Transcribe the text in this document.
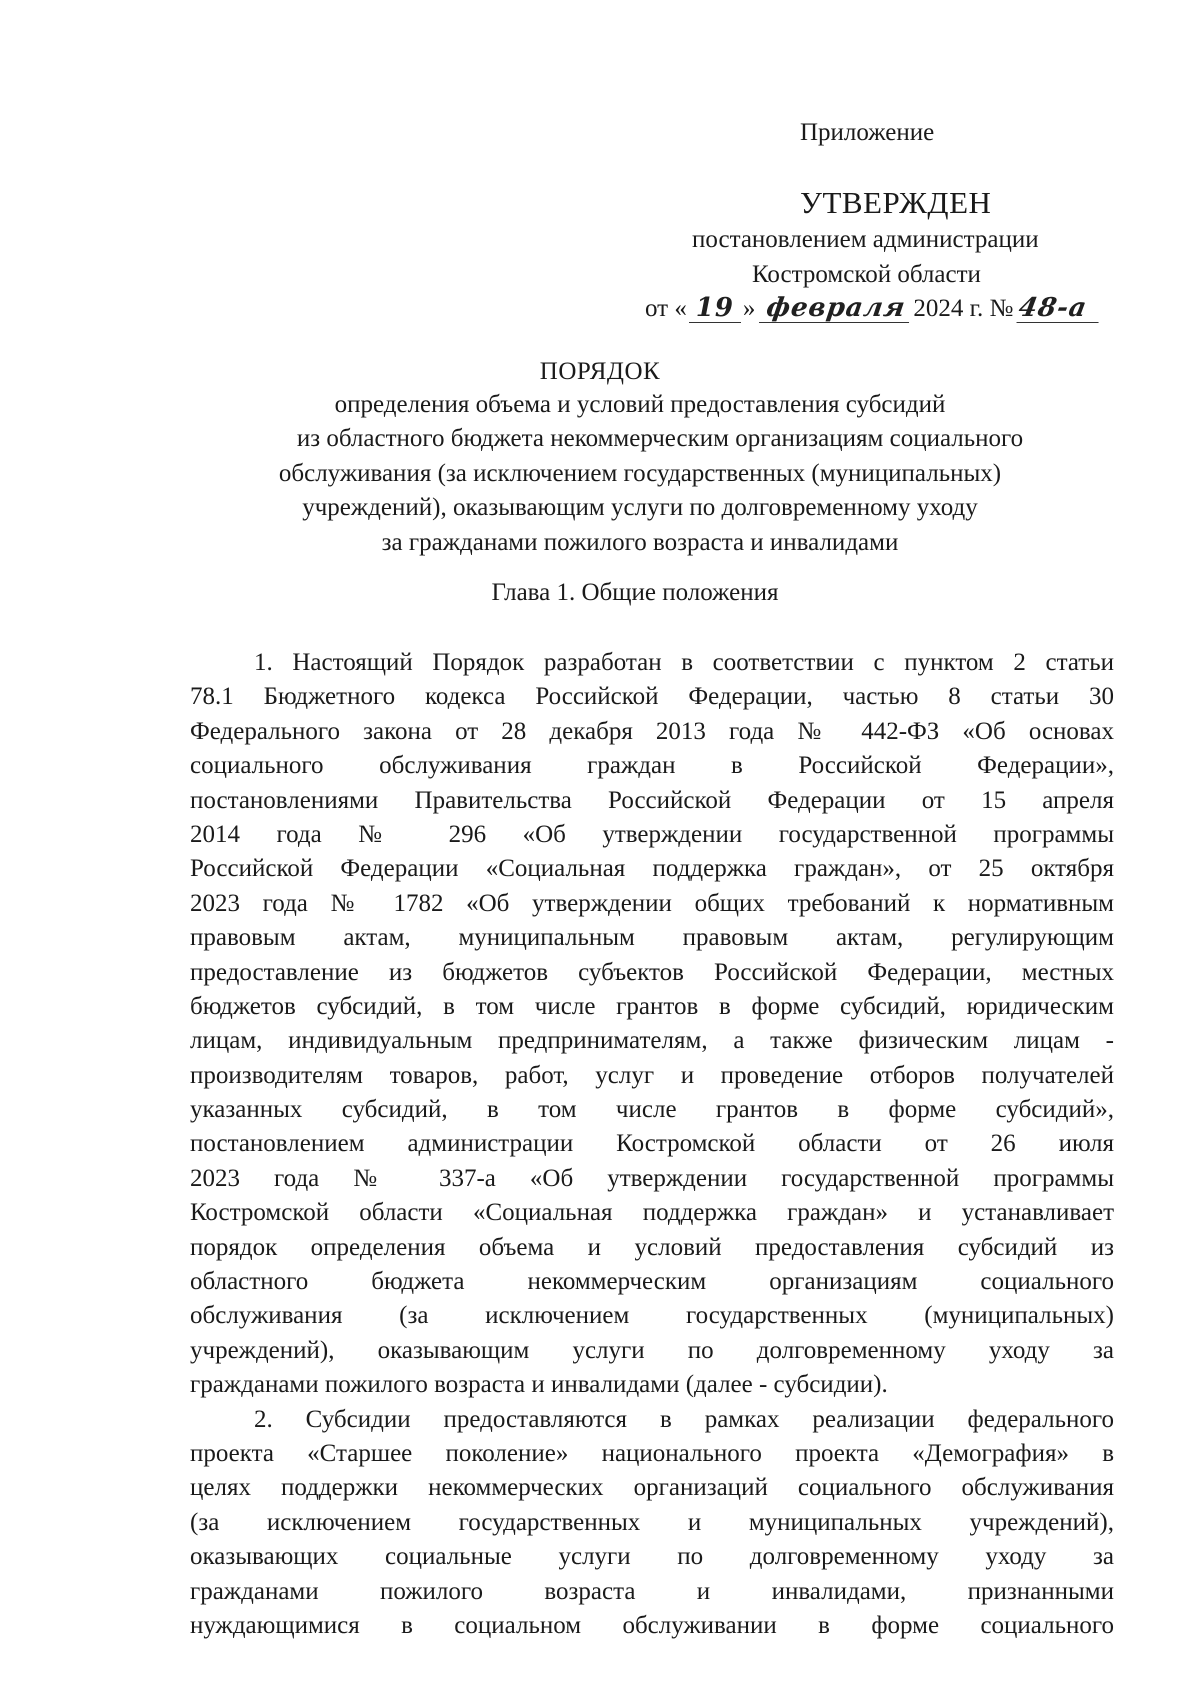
Приложение
УТВЕРЖДЕН
постановлением администрации
Костромской области
от « 19 » февраля 2024 г. № 48-а
ПОРЯДОК
определения объема и условий предоставления субсидий
из областного бюджета некоммерческим организациям социального
обслуживания (за исключением государственных (муниципальных)
учреждений), оказывающим услуги по долговременному уходу
за гражданами пожилого возраста и инвалидами
Глава 1. Общие положения
1. Настоящий Порядок разработан в соответствии с пунктом 2 статьи
78.1 Бюджетного кодекса Российской Федерации, частью 8 статьи 30
Федерального закона от 28 декабря 2013 года № 442-ФЗ «Об основах
социального обслуживания граждан в Российской Федерации»,
постановлениями Правительства Российской Федерации от 15 апреля
2014 года № 296 «Об утверждении государственной программы
Российской Федерации «Социальная поддержка граждан», от 25 октября
2023 года № 1782 «Об утверждении общих требований к нормативным
правовым актам, муниципальным правовым актам, регулирующим
предоставление из бюджетов субъектов Российской Федерации, местных
бюджетов субсидий, в том числе грантов в форме субсидий, юридическим
лицам, индивидуальным предпринимателям, а также физическим лицам -
производителям товаров, работ, услуг и проведение отборов получателей
указанных субсидий, в том числе грантов в форме субсидий»,
постановлением администрации Костромской области от 26 июля
2023 года № 337-а «Об утверждении государственной программы
Костромской области «Социальная поддержка граждан» и устанавливает
порядок определения объема и условий предоставления субсидий из
областного бюджета некоммерческим организациям социального
обслуживания (за исключением государственных (муниципальных)
учреждений), оказывающим услуги по долговременному уходу за
гражданами пожилого возраста и инвалидами (далее - субсидии).
2. Субсидии предоставляются в рамках реализации федерального
проекта «Старшее поколение» национального проекта «Демография» в
целях поддержки некоммерческих организаций социального обслуживания
(за исключением государственных и муниципальных учреждений),
оказывающих социальные услуги по долговременному уходу за
гражданами пожилого возраста и инвалидами, признанными
нуждающимися в социальном обслуживании в форме социального
